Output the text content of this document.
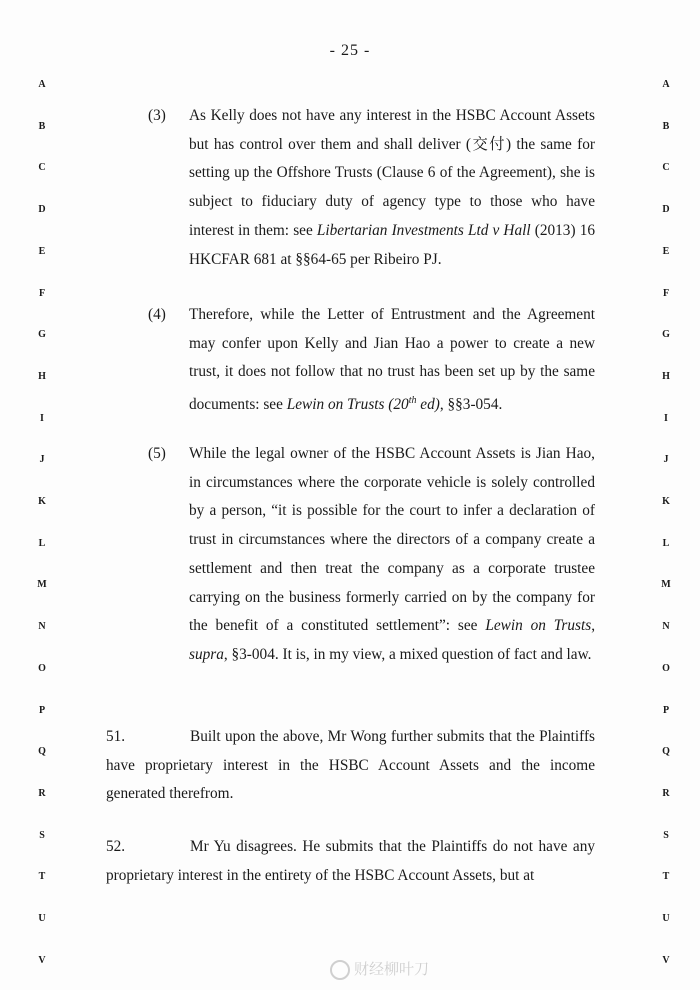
- 25 -
A
B
C
D
E
F
G
H
I
J
K
L
M
N
O
P
Q
R
S
T
U
V
A
B
C
D
E
F
G
H
I
J
K
L
M
N
O
P
Q
R
S
T
U
V
(3) As Kelly does not have any interest in the HSBC Account Assets but has control over them and shall deliver (交付) the same for setting up the Offshore Trusts (Clause 6 of the Agreement), she is subject to fiduciary duty of agency type to those who have interest in them: see Libertarian Investments Ltd v Hall (2013) 16 HKCFAR 681 at §§64-65 per Ribeiro PJ.
(4) Therefore, while the Letter of Entrustment and the Agreement may confer upon Kelly and Jian Hao a power to create a new trust, it does not follow that no trust has been set up by the same documents: see Lewin on Trusts (20th ed), §§3-054.
(5) While the legal owner of the HSBC Account Assets is Jian Hao, in circumstances where the corporate vehicle is solely controlled by a person, “it is possible for the court to infer a declaration of trust in circumstances where the directors of a company create a settlement and then treat the company as a corporate trustee carrying on the business formerly carried on by the company for the benefit of a constituted settlement”: see Lewin on Trusts, supra, §3-004. It is, in my view, a mixed question of fact and law.
51.	Built upon the above, Mr Wong further submits that the Plaintiffs have proprietary interest in the HSBC Account Assets and the income generated therefrom.
52.	Mr Yu disagrees. He submits that the Plaintiffs do not have any proprietary interest in the entirety of the HSBC Account Assets, but at
财经柳叶刀
